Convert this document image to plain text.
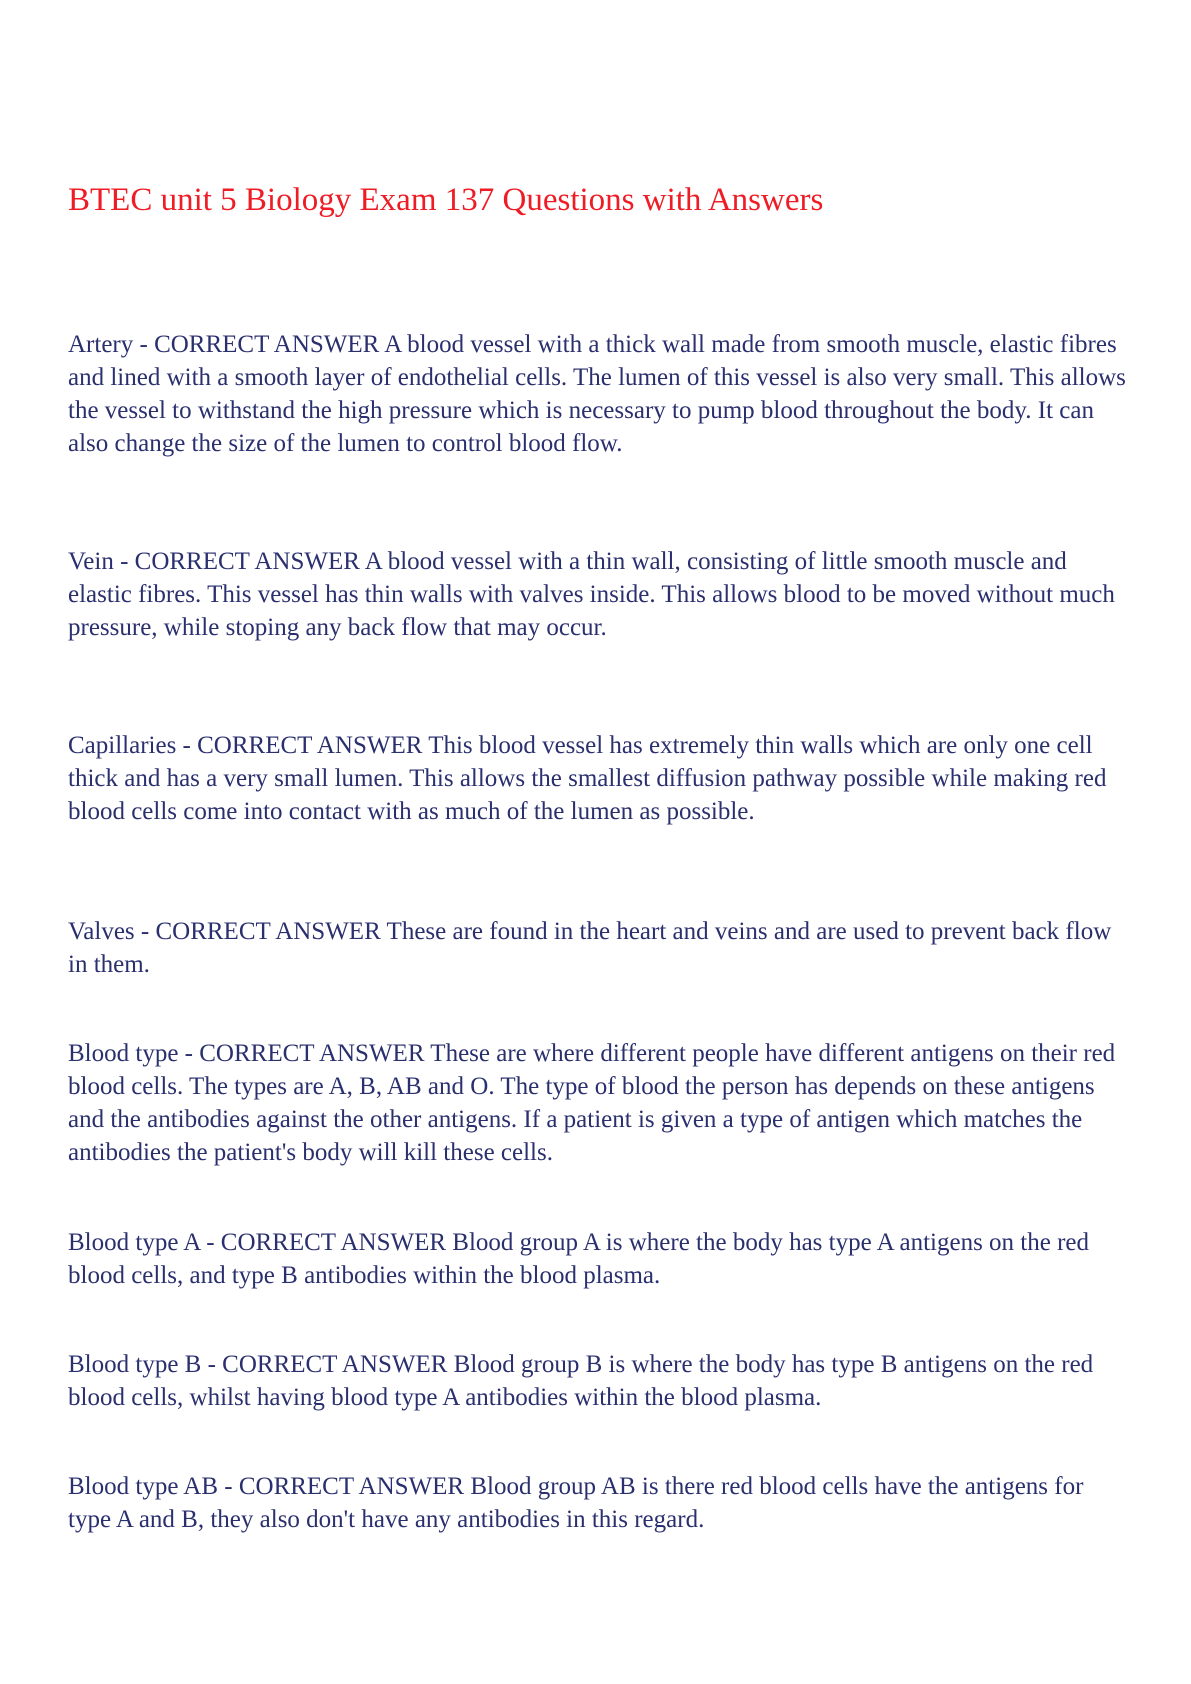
BTEC unit 5 Biology Exam 137 Questions with Answers
Artery - CORRECT ANSWER A blood vessel with a thick wall made from smooth muscle, elastic fibres and lined with a smooth layer of endothelial cells. The lumen of this vessel is also very small. This allows the vessel to withstand the high pressure which is necessary to pump blood throughout the body. It can also change the size of the lumen to control blood flow.
Vein - CORRECT ANSWER A blood vessel with a thin wall, consisting of little smooth muscle and elastic fibres. This vessel has thin walls with valves inside. This allows blood to be moved without much pressure, while stoping any back flow that may occur.
Capillaries - CORRECT ANSWER This blood vessel has extremely thin walls which are only one cell thick and has a very small lumen. This allows the smallest diffusion pathway possible while making red blood cells come into contact with as much of the lumen as possible.
Valves - CORRECT ANSWER These are found in the heart and veins and are used to prevent back flow in them.
Blood type - CORRECT ANSWER These are where different people have different antigens on their red blood cells. The types are A, B, AB and O. The type of blood the person has depends on these antigens and the antibodies against the other antigens. If a patient is given a type of antigen which matches the antibodies the patient's body will kill these cells.
Blood type A - CORRECT ANSWER Blood group A is where the body has type A antigens on the red blood cells, and type B antibodies within the blood plasma.
Blood type B - CORRECT ANSWER Blood group B is where the body has type B antigens on the red blood cells, whilst having blood type A antibodies within the blood plasma.
Blood type AB - CORRECT ANSWER Blood group AB is there red blood cells have the antigens for type A and B, they also don't have any antibodies in this regard.
